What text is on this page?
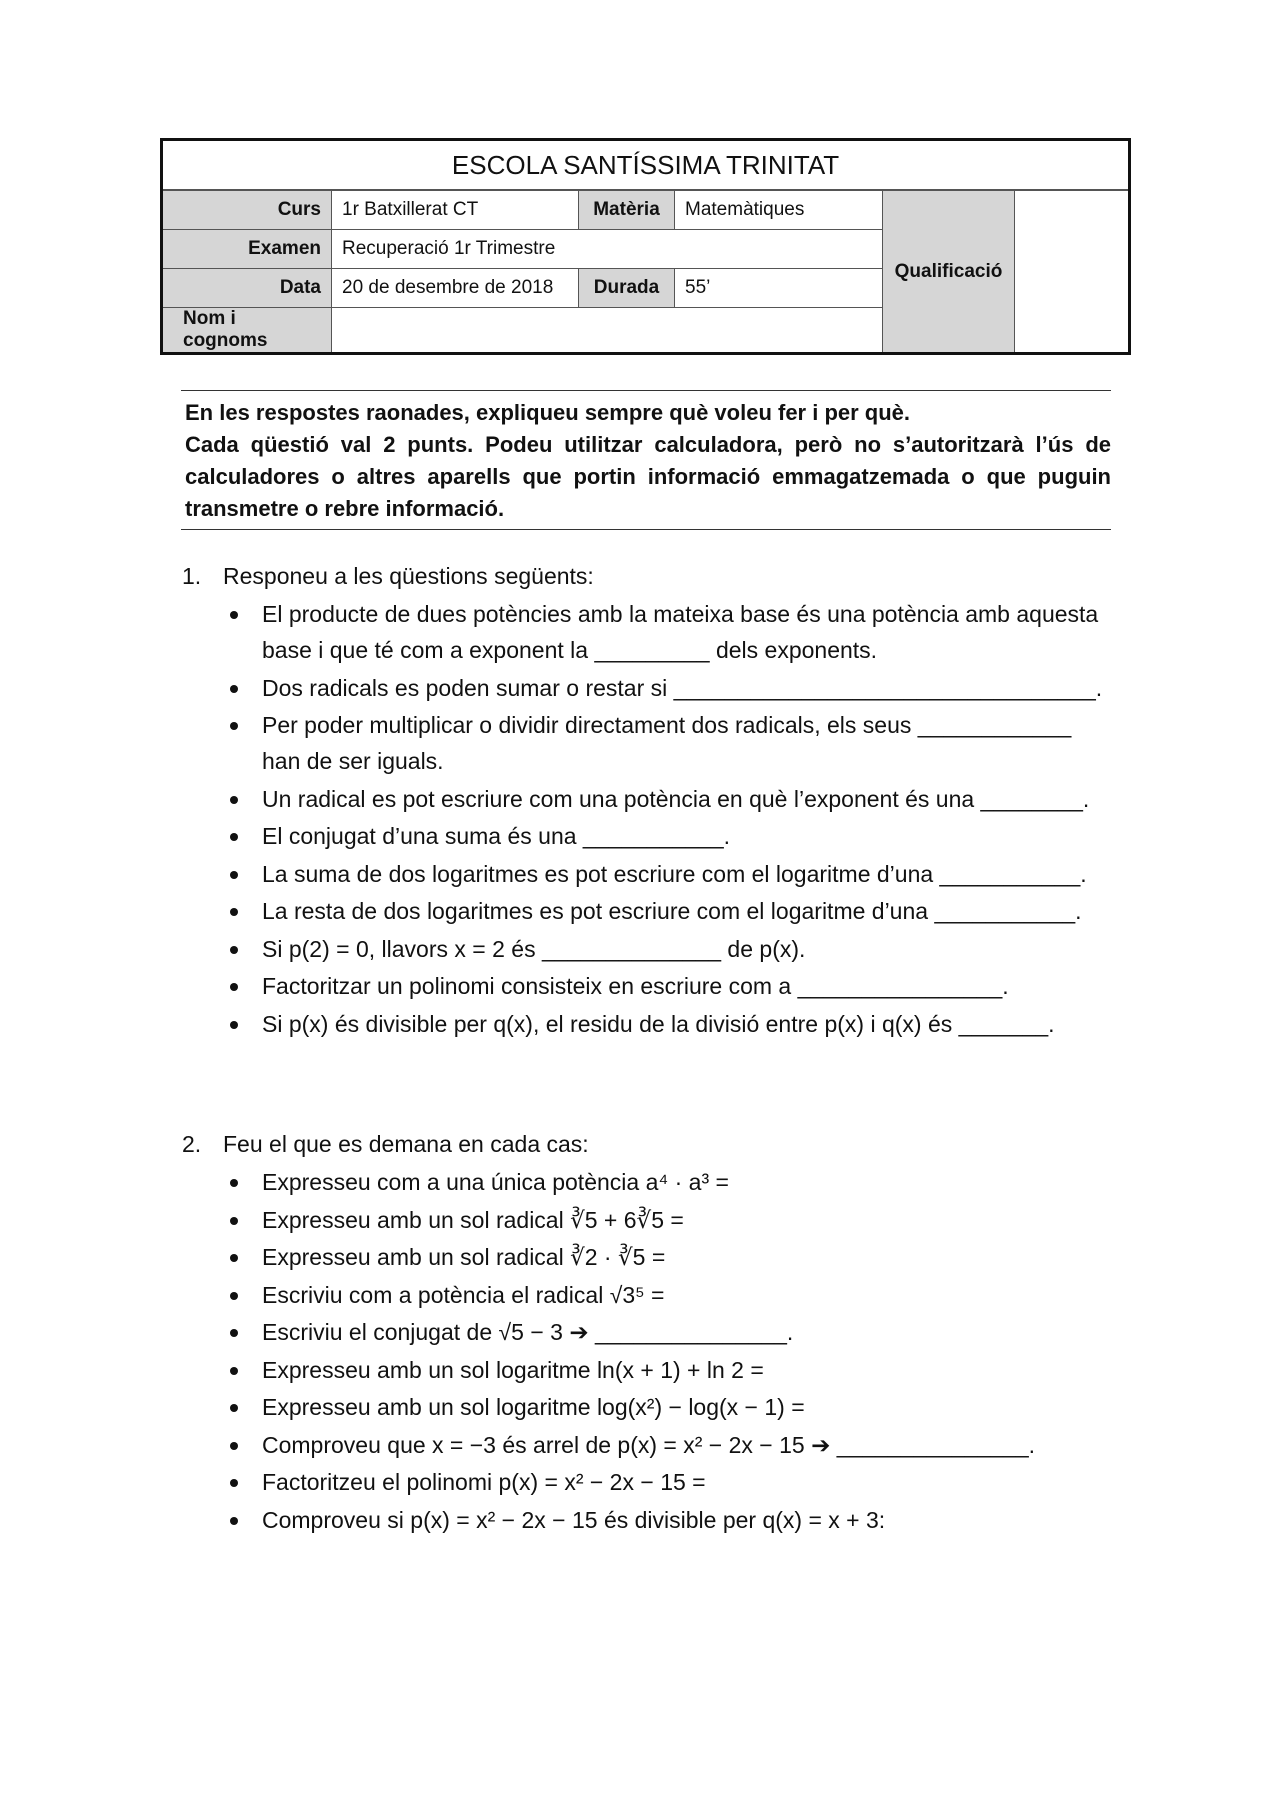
ESCOLA SANTÍSSIMA TRINITAT					
Curs	1r Batxillerat CT	Matèria	Matemàtiques	Qualificació	
Examen	Recuperació 1r Trimestre				
Data	20 de desembre de 2018	Durada	55’		
Nom i cognoms					

En les respostes raonades, expliqueu sempre què voleu fer i per què.

Cada qüestió val 2 punts. Podeu utilitzar calculadora, però no s’autoritzarà l’ús de calculadores o altres aparells que portin informació emmagatzemada o que puguin transmetre o rebre informació.

1. Responeu a les qüestions següents:
El producte de dues potències amb la mateixa base és una potència amb aquesta base i que té com a exponent la _________ dels exponents.
Dos radicals es poden sumar o restar si _________________________________.
Per poder multiplicar o dividir directament dos radicals, els seus ____________ han de ser iguals.
Un radical es pot escriure com una potència en què l’exponent és una ________.
El conjugat d’una suma és una ___________.
La suma de dos logaritmes es pot escriure com el logaritme d’una ___________.
La resta de dos logaritmes es pot escriure com el logaritme d’una ___________.
Si p(2) = 0, llavors x = 2 és ______________ de p(x).
Factoritzar un polinomi consisteix en escriure com a ________________.
Si p(x) és divisible per q(x), el residu de la divisió entre p(x) i q(x) és _______.
2. Feu el que es demana en cada cas:
Expresseu com a una única potència a⁴ · a³ =
Expresseu amb un sol radical ∛5 + 6∛5 =
Expresseu amb un sol radical ∛2 · ∛5 =
Escriviu com a potència el radical √3⁵ =
Escriviu el conjugat de √5 − 3 ➔ _______________.
Expresseu amb un sol logaritme ln(x + 1) + ln 2 =
Expresseu amb un sol logaritme log(x²) − log(x − 1) =
Comproveu que x = −3 és arrel de p(x) = x² − 2x − 15 ➔ _______________.
Factoritzeu el polinomi p(x) = x² − 2x − 15 =
Comproveu si p(x) = x² − 2x − 15 és divisible per q(x) = x + 3:
